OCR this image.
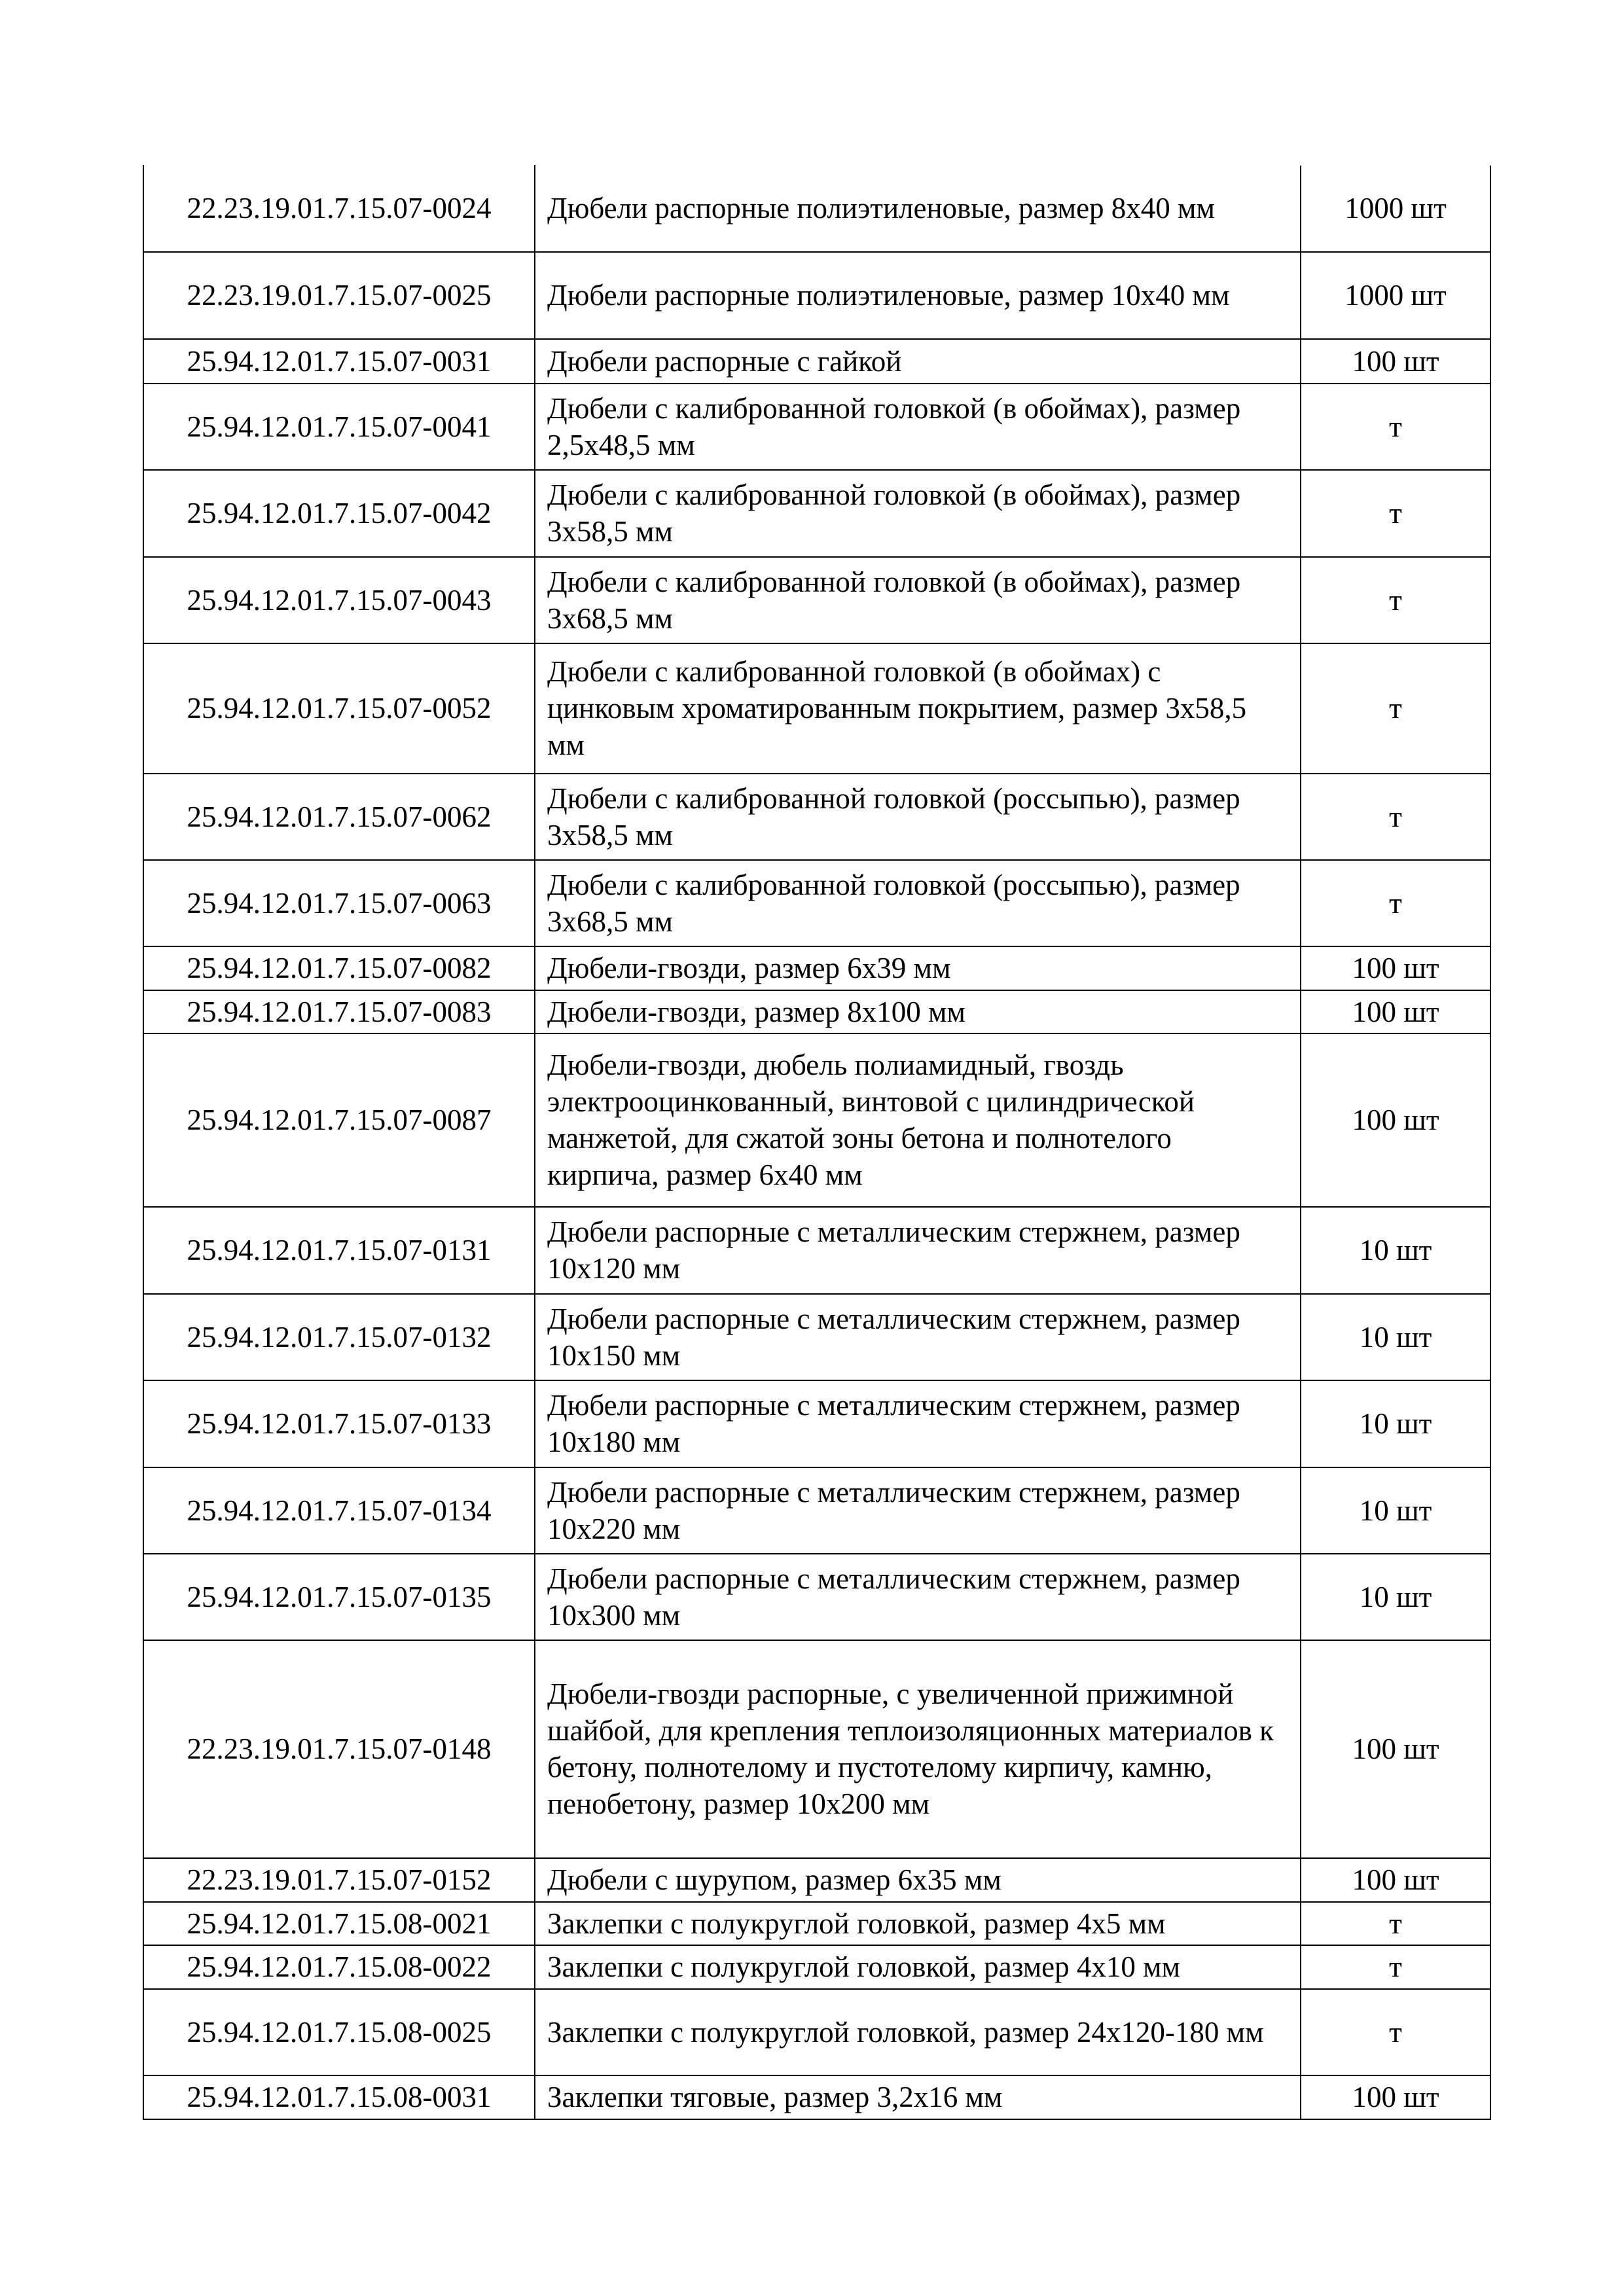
22.23.19.01.7.15.07-0024	Дюбели распорные полиэтиленовые, размер 8х40 мм	1000 шт
22.23.19.01.7.15.07-0025	Дюбели распорные полиэтиленовые, размер 10х40 мм	1000 шт
25.94.12.01.7.15.07-0031	Дюбели распорные с гайкой	100 шт
25.94.12.01.7.15.07-0041	Дюбели с калиброванной головкой (в обоймах), размер 2,5х48,5 мм	т
25.94.12.01.7.15.07-0042	Дюбели с калиброванной головкой (в обоймах), размер 3х58,5 мм	т
25.94.12.01.7.15.07-0043	Дюбели с калиброванной головкой (в обоймах), размер 3х68,5 мм	т
25.94.12.01.7.15.07-0052	Дюбели с калиброванной головкой (в обоймах) с цинковым хроматированным покрытием, размер 3х58,5 мм	т
25.94.12.01.7.15.07-0062	Дюбели с калиброванной головкой (россыпью), размер 3х58,5 мм	т
25.94.12.01.7.15.07-0063	Дюбели с калиброванной головкой (россыпью), размер 3х68,5 мм	т
25.94.12.01.7.15.07-0082	Дюбели-гвозди, размер 6х39 мм	100 шт
25.94.12.01.7.15.07-0083	Дюбели-гвозди, размер 8х100 мм	100 шт
25.94.12.01.7.15.07-0087	Дюбели-гвозди, дюбель полиамидный, гвоздь электрооцинкованный, винтовой с цилиндрической манжетой, для сжатой зоны бетона и полнотелого кирпича, размер 6х40 мм	100 шт
25.94.12.01.7.15.07-0131	Дюбели распорные с металлическим стержнем, размер 10х120 мм	10 шт
25.94.12.01.7.15.07-0132	Дюбели распорные с металлическим стержнем, размер 10х150 мм	10 шт
25.94.12.01.7.15.07-0133	Дюбели распорные с металлическим стержнем, размер 10х180 мм	10 шт
25.94.12.01.7.15.07-0134	Дюбели распорные с металлическим стержнем, размер 10х220 мм	10 шт
25.94.12.01.7.15.07-0135	Дюбели распорные с металлическим стержнем, размер 10х300 мм	10 шт
22.23.19.01.7.15.07-0148	Дюбели-гвозди распорные, с увеличенной прижимной шайбой, для крепления теплоизоляционных материалов к бетону, полнотелому и пустотелому кирпичу, камню, пенобетону, размер 10х200 мм	100 шт
22.23.19.01.7.15.07-0152	Дюбели с шурупом, размер 6х35 мм	100 шт
25.94.12.01.7.15.08-0021	Заклепки с полукруглой головкой, размер 4х5 мм	т
25.94.12.01.7.15.08-0022	Заклепки с полукруглой головкой, размер 4х10 мм	т
25.94.12.01.7.15.08-0025	Заклепки с полукруглой головкой, размер 24х120-180 мм	т
25.94.12.01.7.15.08-0031	Заклепки тяговые, размер 3,2х16 мм	100 шт
